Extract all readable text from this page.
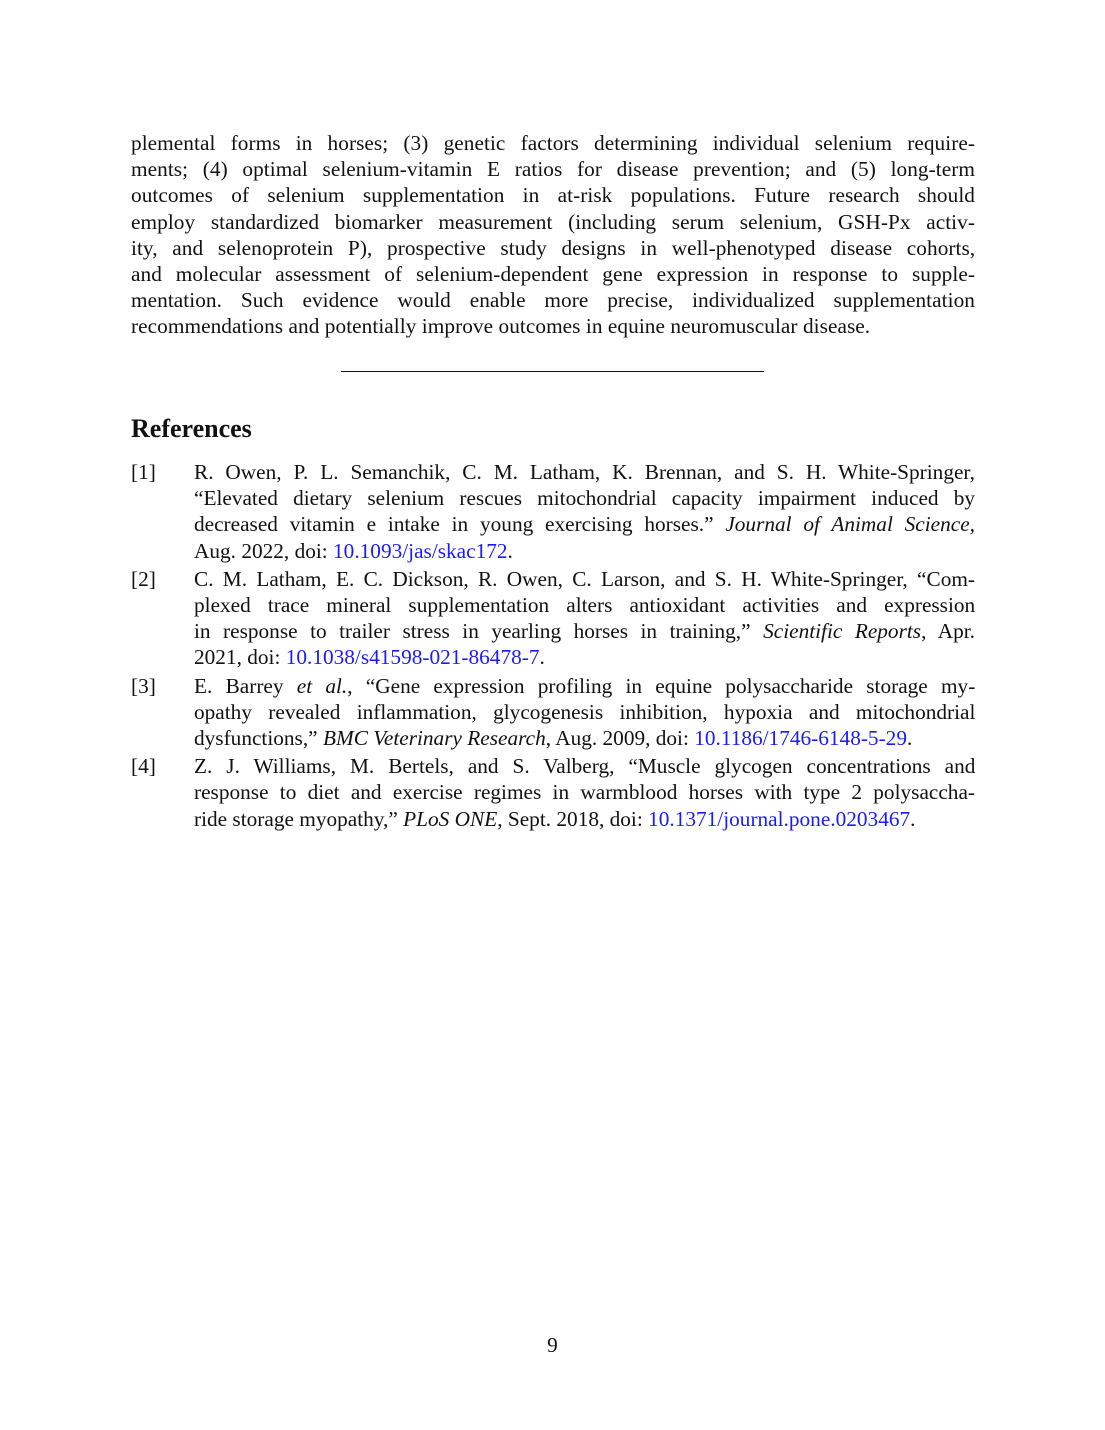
plemental forms in horses; (3) genetic factors determining individual selenium require-
ments; (4) optimal selenium-vitamin E ratios for disease prevention; and (5) long-term
outcomes of selenium supplementation in at-risk populations. Future research should
employ standardized biomarker measurement (including serum selenium, GSH-Px activ-
ity, and selenoprotein P), prospective study designs in well-phenotyped disease cohorts,
and molecular assessment of selenium-dependent gene expression in response to supple-
mentation. Such evidence would enable more precise, individualized supplementation
recommendations and potentially improve outcomes in equine neuromuscular disease.
References
[1] R. Owen, P. L. Semanchik, C. M. Latham, K. Brennan, and S. H. White-Springer,
“Elevated dietary selenium rescues mitochondrial capacity impairment induced by
decreased vitamin e intake in young exercising horses.” Journal of Animal Science,
Aug. 2022, doi: 10.1093/jas/skac172.
[2] C. M. Latham, E. C. Dickson, R. Owen, C. Larson, and S. H. White-Springer, “Com-
plexed trace mineral supplementation alters antioxidant activities and expression
in response to trailer stress in yearling horses in training,” Scientific Reports, Apr.
2021, doi: 10.1038/s41598-021-86478-7.
[3] E. Barrey et al., “Gene expression profiling in equine polysaccharide storage my-
opathy revealed inflammation, glycogenesis inhibition, hypoxia and mitochondrial
dysfunctions,” BMC Veterinary Research, Aug. 2009, doi: 10.1186/1746-6148-5-29.
[4] Z. J. Williams, M. Bertels, and S. Valberg, “Muscle glycogen concentrations and
response to diet and exercise regimes in warmblood horses with type 2 polysaccha-
ride storage myopathy,” PLoS ONE, Sept. 2018, doi: 10.1371/journal.pone.0203467.
9
